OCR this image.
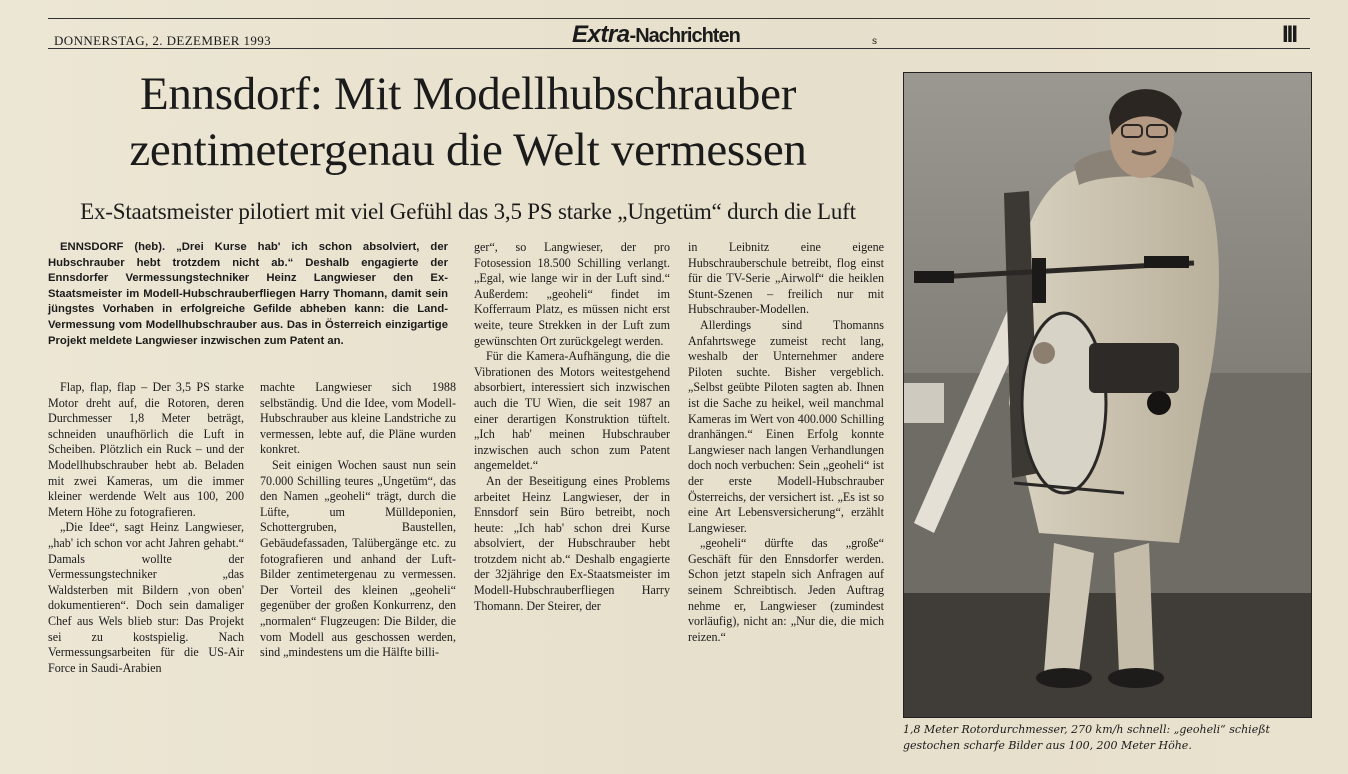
DONNERSTAG, 2. DEZEMBER 1993	Extra-Nachrichten	s	III
Ennsdorf: Mit Modellhubschrauber zentimetergenau die Welt vermessen
Ex-Staatsmeister pilotiert mit viel Gefühl das 3,5 PS starke „Ungetüm“ durch die Luft
ENNSDORF (heb). „Drei Kurse hab' ich schon absolviert, der Hubschrauber hebt trotzdem nicht ab.“ Deshalb engagierte der Ennsdorfer Vermessungstechniker Heinz Langwieser den Ex-Staatsmeister im Modell-Hubschrauberfliegen Harry Thomann, damit sein jüngstes Vorhaben in erfolgreiche Gefilde abheben kann: die Land-Vermessung vom Modellhubschrauber aus. Das in Österreich einzigartige Projekt meldete Langwieser inzwischen zum Patent an.

Flap, flap, flap – Der 3,5 PS starke Motor dreht auf, die Rotoren, deren Durchmesser 1,8 Meter beträgt, schneiden unaufhörlich die Luft in Scheiben. Plötzlich ein Ruck – und der Modellhubschrauber hebt ab. Beladen mit zwei Kameras, um die immer kleiner werdende Welt aus 100, 200 Metern Höhe zu fotografieren.

„Die Idee“, sagt Heinz Langwieser, „hab' ich schon vor acht Jahren gehabt.“ Damals wollte der Vermessungstechniker „das Waldsterben mit Bildern ‚von oben' dokumentieren“. Doch sein damaliger Chef aus Wels blieb stur: Das Projekt sei zu kostspielig. Nach Vermessungsarbeiten für die US-Air Force in Saudi-Arabien

machte Langwieser sich 1988 selbständig. Und die Idee, vom Modell-Hubschrauber aus kleine Landstriche zu vermessen, lebte auf, die Pläne wurden konkret.

Seit einigen Wochen saust nun sein 70.000 Schilling teures „Ungetüm“, das den Namen „geoheli“ trägt, durch die Lüfte, um Mülldeponien, Schottergruben, Baustellen, Gebäudefassaden, Talübergänge etc. zu fotografieren und anhand der Luft-Bilder zentimetergenau zu vermessen. Der Vorteil des kleinen „geoheli“ gegenüber der großen Konkurrenz, den „normalen“ Flugzeugen: Die Bilder, die vom Modell aus geschossen werden, sind „mindestens um die Hälfte billi-

ger“, so Langwieser, der pro Fotosession 18.500 Schilling verlangt. „Egal, wie lange wir in der Luft sind.“ Außerdem: „geoheli“ findet im Kofferraum Platz, es müssen nicht erst weite, teure Strekken in der Luft zum gewünschten Ort zurückgelegt werden.

Für die Kamera-Aufhängung, die die Vibrationen des Motors weitestgehend absorbiert, interessiert sich inzwischen auch die TU Wien, die seit 1987 an einer derartigen Konstruktion tüftelt. „Ich hab' meinen Hubschrauber inzwischen auch schon zum Patent angemeldet.“

An der Beseitigung eines Problems arbeitet Heinz Langwieser, der in Ennsdorf sein Büro betreibt, noch heute: „Ich hab' schon drei Kurse absolviert, der Hubschrauber hebt trotzdem nicht ab.“ Deshalb engagierte der 32jährige den Ex-Staatsmeister im Modell-Hubschrauberfliegen Harry Thomann. Der Steirer, der

in Leibnitz eine eigene Hubschrauberschule betreibt, flog einst für die TV-Serie „Airwolf“ die heiklen Stunt-Szenen – freilich nur mit Hubschrauber-Modellen.

Allerdings sind Thomanns Anfahrtswege zumeist recht lang, weshalb der Unternehmer andere Piloten suchte. Bisher vergeblich. „Selbst geübte Piloten sagten ab. Ihnen ist die Sache zu heikel, weil manchmal Kameras im Wert von 400.000 Schilling dranhängen.“ Einen Erfolg konnte Langwieser nach langen Verhandlungen doch noch verbuchen: Sein „geoheli“ ist der erste Modell-Hubschrauber Österreichs, der versichert ist. „Es ist so eine Art Lebensversicherung“, erzählt Langwieser.

„geoheli“ dürfte das „große“ Geschäft für den Ennsdorfer werden. Schon jetzt stapeln sich Anfragen auf seinem Schreibtisch. Jeden Auftrag nehme er, Langwieser (zumindest vorläufig), nicht an: „Nur die, die mich reizen.“

1,8 Meter Rotordurchmesser, 270 km/h schnell: „geoheli“ schießt gestochen scharfe Bilder aus 100, 200 Meter Höhe.
